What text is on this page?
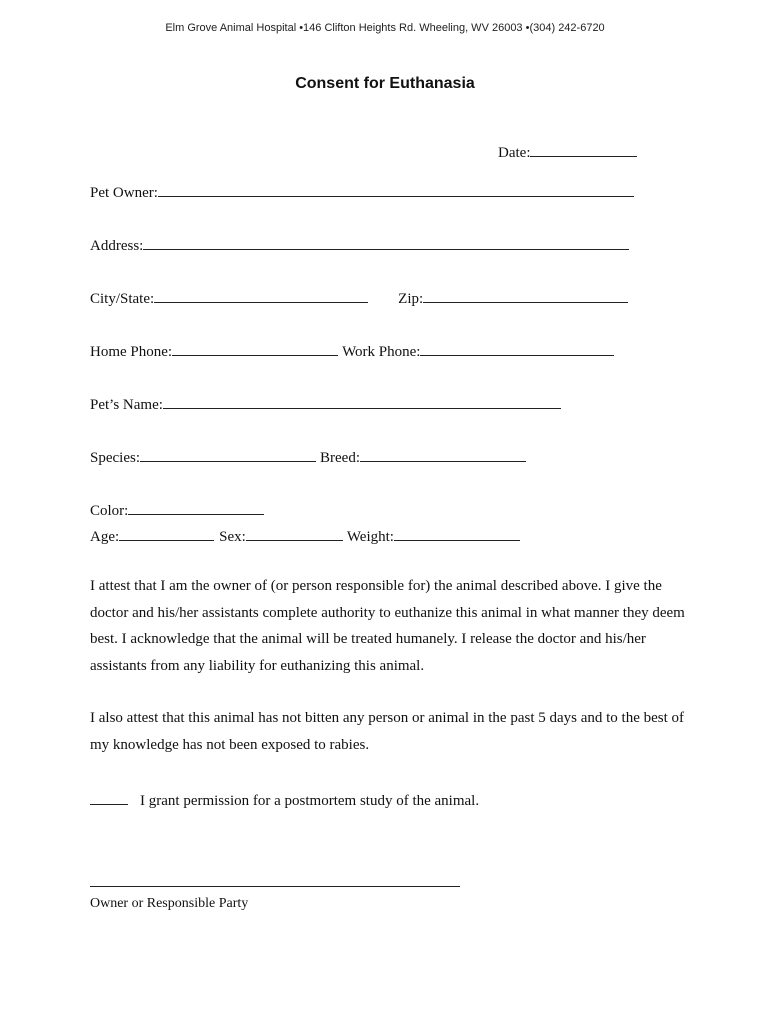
Elm Grove Animal Hospital •146 Clifton Heights Rd. Wheeling, WV 26003 •(304) 242-6720
Consent for Euthanasia
Date:
Pet Owner:
Address:
City/State:	Zip:
Home Phone:	Work Phone:
Pet’s Name:
Species:	Breed:
Color:
Age:	Sex:	Weight:
I attest that I am the owner of (or person responsible for) the animal described above. I give the doctor and his/her assistants complete authority to euthanize this animal in what manner they deem best. I acknowledge that the animal will be treated humanely. I release the doctor and his/her assistants from any liability for euthanizing this animal.
I also attest that this animal has not bitten any person or animal in the past 5 days and to the best of my knowledge has not been exposed to rabies.
I grant permission for a postmortem study of the animal.
Owner or Responsible Party
